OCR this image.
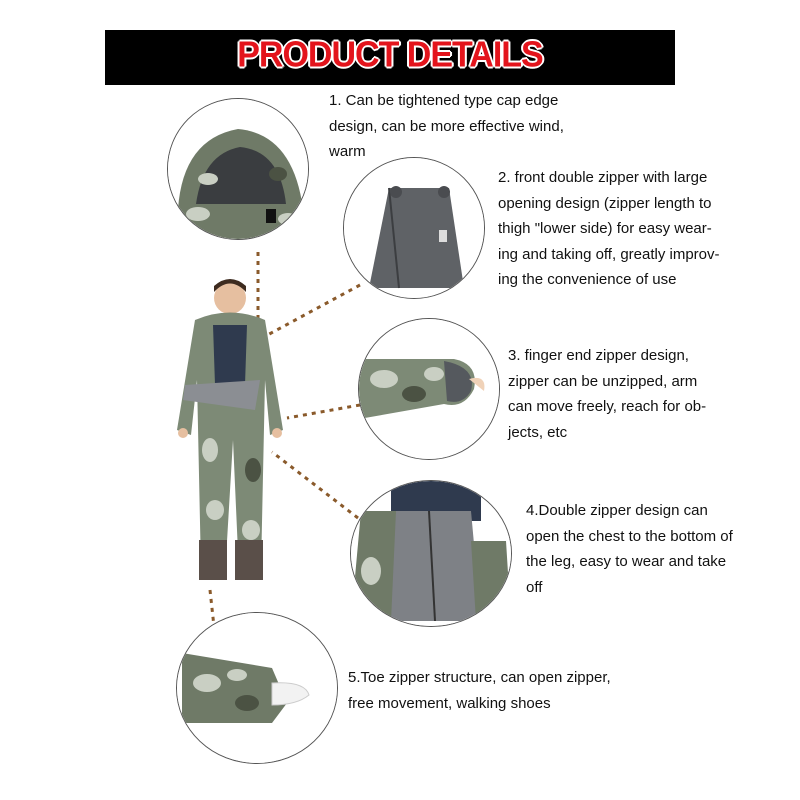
PRODUCT DETAILS
1. Can be tightened type cap edge
design, can be more effective wind,
warm
2. front double zipper with large
opening design (zipper length to
thigh "lower side) for easy wear-
ing and taking off, greatly improv-
ing the convenience of use
3. finger end zipper design,
zipper can be unzipped, arm
can move freely, reach for ob-
jects, etc
4.Double zipper design can
open the chest to the bottom of
the leg, easy to wear and take
off
5.Toe zipper structure, can open zipper,
free movement, walking shoes
